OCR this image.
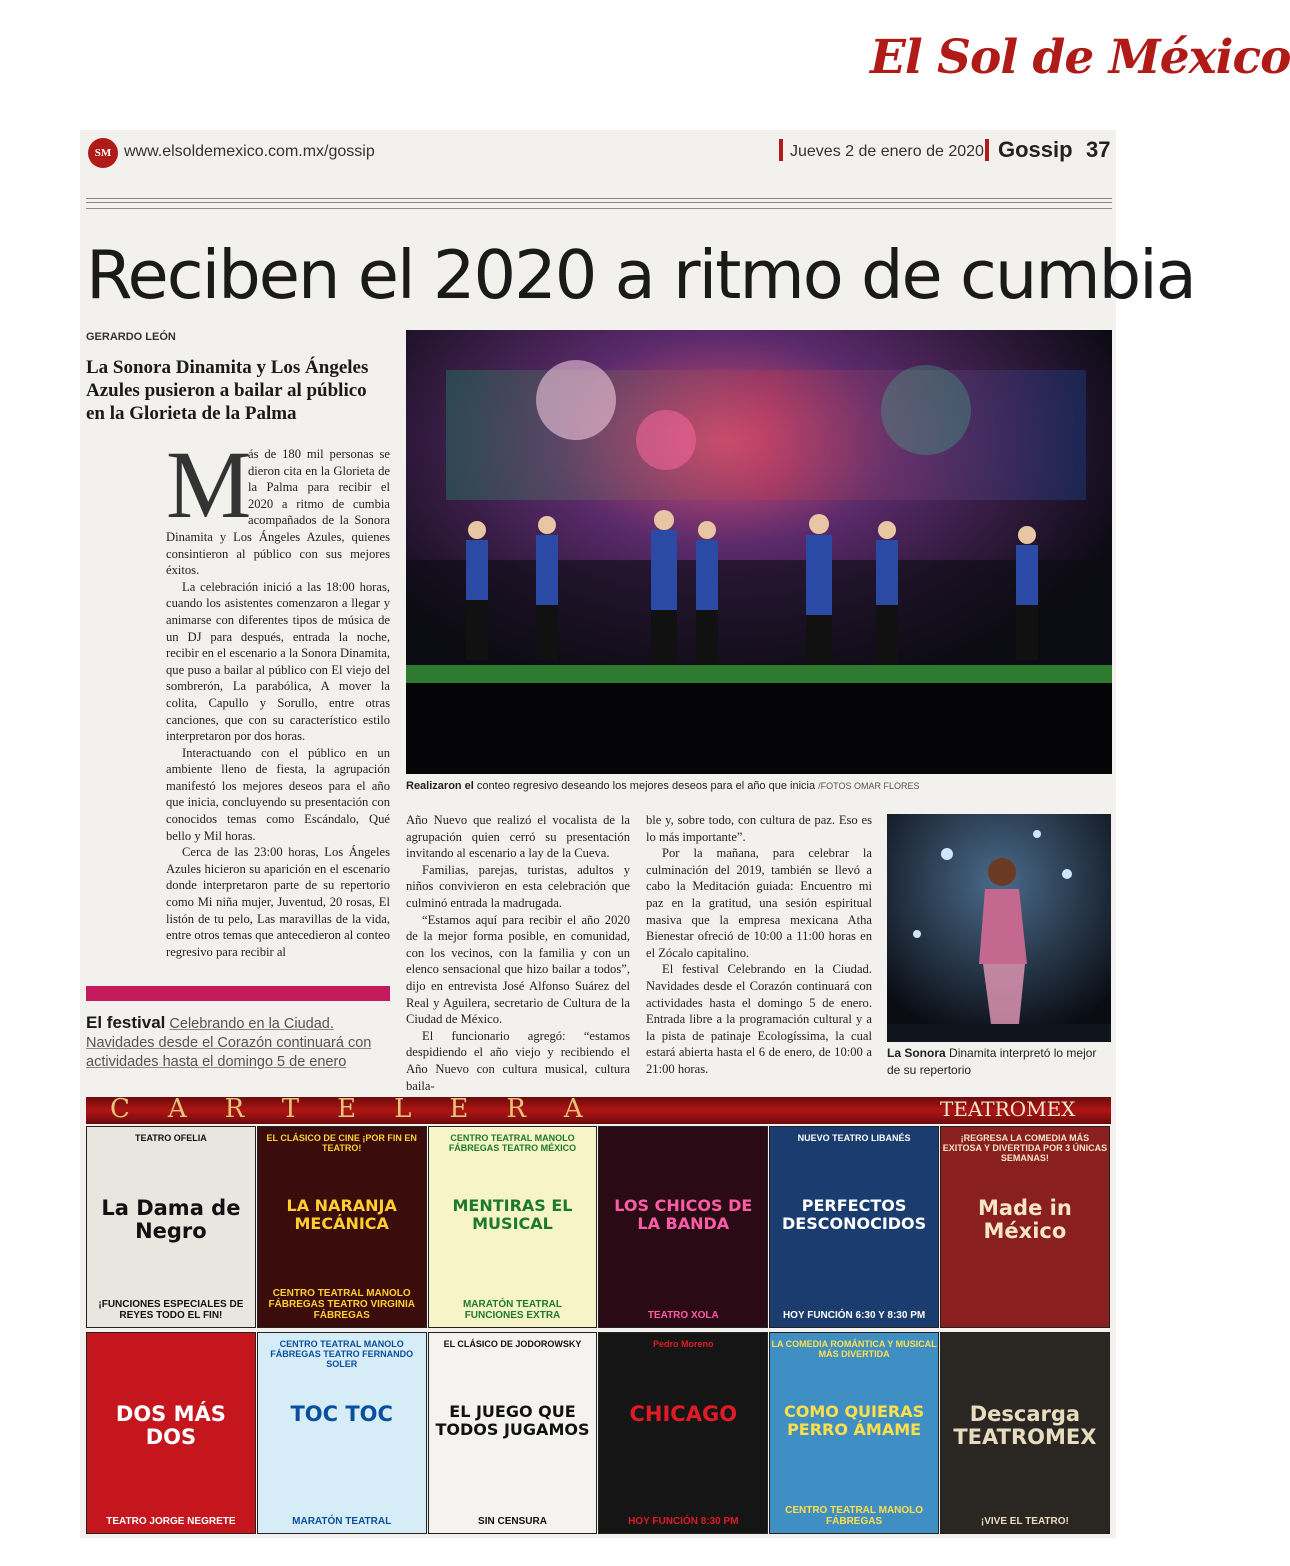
El Sol de México
SM www.elsoldemexico.com.mx/gossip	Jueves 2 de enero de 2020 Gossip 37
Reciben el 2020 a ritmo de cumbia
GERARDO LEÓN
La Sonora Dinamita y Los Ángeles Azules pusieron a bailar al público en la Glorieta de la Palma
Realizaron el conteo regresivo deseando los mejores deseos para el año que inicia /FOTOS OMAR FLORES
M

ás de 180 mil personas se dieron cita en la Glorieta de la Palma para recibir el 2020 a ritmo de cumbia acompañados de la Sonora Dinamita y Los Ángeles Azules, quienes consintieron al público con sus mejores éxitos.

La celebración inició a las 18:00 horas, cuando los asistentes comenzaron a llegar y animarse con diferentes tipos de música de un DJ para después, entrada la noche, recibir en el escenario a la Sonora Dinamita, que puso a bailar al público con El viejo del sombrerón, La parabólica, A mover la colita, Capullo y Sorullo, entre otras canciones, que con su característico estilo interpretaron por dos horas.

Interactuando con el público en un ambiente lleno de fiesta, la agrupación manifestó los mejores deseos para el año que inicia, concluyendo su presentación con conocidos temas como Escándalo, Qué bello y Mil horas.

Cerca de las 23:00 horas, Los Ángeles Azules hicieron su aparición en el escenario donde interpretaron parte de su repertorio como Mi niña mujer, Juventud, 20 rosas, El listón de tu pelo, Las maravillas de la vida, entre otros temas que antecedieron al conteo regresivo para recibir al

Año Nuevo que realizó el vocalista de la agrupación quien cerró su presentación invitando al escenario a lay de la Cueva.

Familias, parejas, turistas, adultos y niños convivieron en esta celebración que culminó entrada la madrugada.

“Estamos aquí para recibir el año 2020 de la mejor forma posible, en comunidad, con los vecinos, con la familia y con un elenco sensacional que hizo bailar a todos”, dijo en entrevista José Alfonso Suárez del Real y Aguilera, secretario de Cultura de la Ciudad de México.

El funcionario agregó: “estamos despidiendo el año viejo y recibiendo el Año Nuevo con cultura musical, cultura baila-

ble y, sobre todo, con cultura de paz. Eso es lo más importante”.

Por la mañana, para celebrar la culminación del 2019, también se llevó a cabo la Meditación guiada: Encuentro mi paz en la gratitud, una sesión espiritual masiva que la empresa mexicana Atha Bienestar ofreció de 10:00 a 11:00 horas en el Zócalo capitalino.

El festival Celebrando en la Ciudad. Navidades desde el Corazón continuará con actividades hasta el domingo 5 de enero. Entrada libre a la programación cultural y a la pista de patinaje Ecologíssima, la cual estará abierta hasta el 6 de enero, de 10:00 a 21:00 horas.

La Sonora Dinamita interpretó lo mejor de su repertorio
El festival Celebrando en la Ciudad. Navidades desde el Corazón continuará con actividades hasta el domingo 5 de enero
CARTELERA	TEATROMEX
TEATRO OFELIA
La Dama de Negro
¡FUNCIONES ESPECIALES DE REYES TODO EL FIN!
EL CLÁSICO DE CINE ¡POR FIN EN TEATRO!
LA NARANJA MECÁNICA
CENTRO TEATRAL MANOLO FÁBREGAS TEATRO VIRGINIA FÁBREGAS
CENTRO TEATRAL MANOLO FÁBREGAS TEATRO MÉXICO
MENTIRAS EL MUSICAL
MARATÓN TEATRAL FUNCIONES EXTRA
LOS CHICOS DE LA BANDA
TEATRO XOLA
NUEVO TEATRO LIBANÉS
PERFECTOS DESCONOCIDOS
HOY FUNCIÓN 6:30 Y 8:30 PM
¡REGRESA LA COMEDIA MÁS EXITOSA Y DIVERTIDA POR 3 ÚNICAS SEMANAS!
Made in México
DOS MÁS DOS
TEATRO JORGE NEGRETE
CENTRO TEATRAL MANOLO FÁBREGAS TEATRO FERNANDO SOLER
TOC TOC
MARATÓN TEATRAL
EL CLÁSICO DE JODOROWSKY
EL JUEGO QUE TODOS JUGAMOS
SIN CENSURA
Pedro Moreno
CHICAGO
HOY FUNCIÓN 8:30 PM
LA COMEDIA ROMÁNTICA Y MUSICAL MÁS DIVERTIDA
COMO QUIERAS PERRO ÁMAME
CENTRO TEATRAL MANOLO FÁBREGAS
Descarga TEATROMEX
¡VIVE EL TEATRO!
